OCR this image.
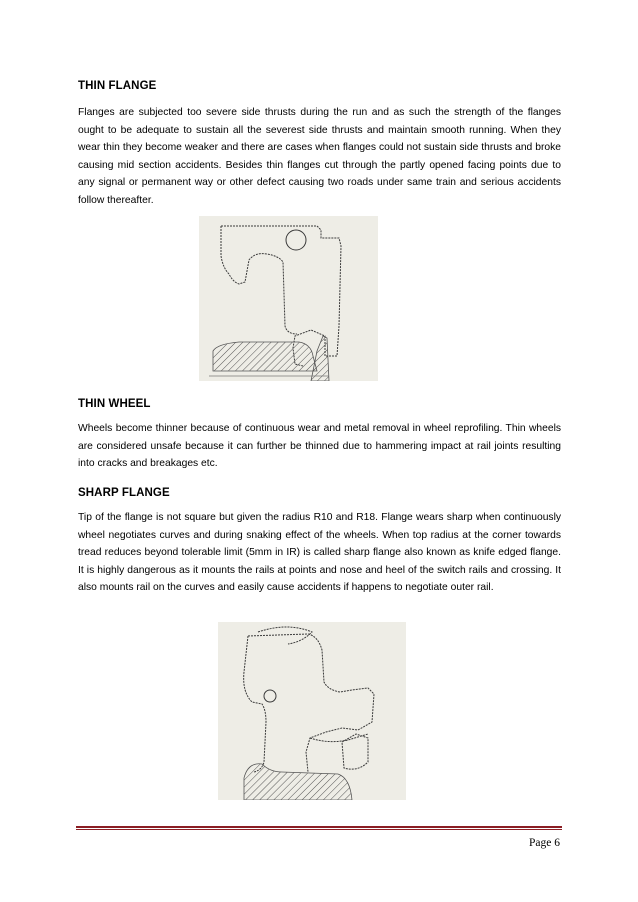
THIN FLANGE

Flanges are subjected too severe side thrusts during the run and as such the strength of the flanges ought to be adequate to sustain all the severest side thrusts and maintain smooth running. When they wear thin they become weaker and there are cases when flanges could not sustain side thrusts and broke causing mid section accidents. Besides thin flanges cut through the partly opened facing points due to any signal or permanent way or other defect causing two roads under same train and serious accidents follow thereafter.

THIN WHEEL

Wheels become thinner because of continuous wear and metal removal in wheel reprofiling. Thin wheels are considered unsafe because it can further be thinned due to hammering impact at rail joints resulting into cracks and breakages etc.

SHARP FLANGE

Tip of the flange is not square but given the radius R10 and R18. Flange wears sharp when continuously wheel negotiates curves and during snaking effect of the wheels. When top radius at the corner towards tread reduces beyond tolerable limit (5mm in IR) is called sharp flange also known as knife edged flange. It is highly dangerous as it mounts the rails at points and nose and heel of the switch rails and crossing. It also mounts rail on the curves and easily cause accidents if happens to negotiate outer rail.

Page 6
